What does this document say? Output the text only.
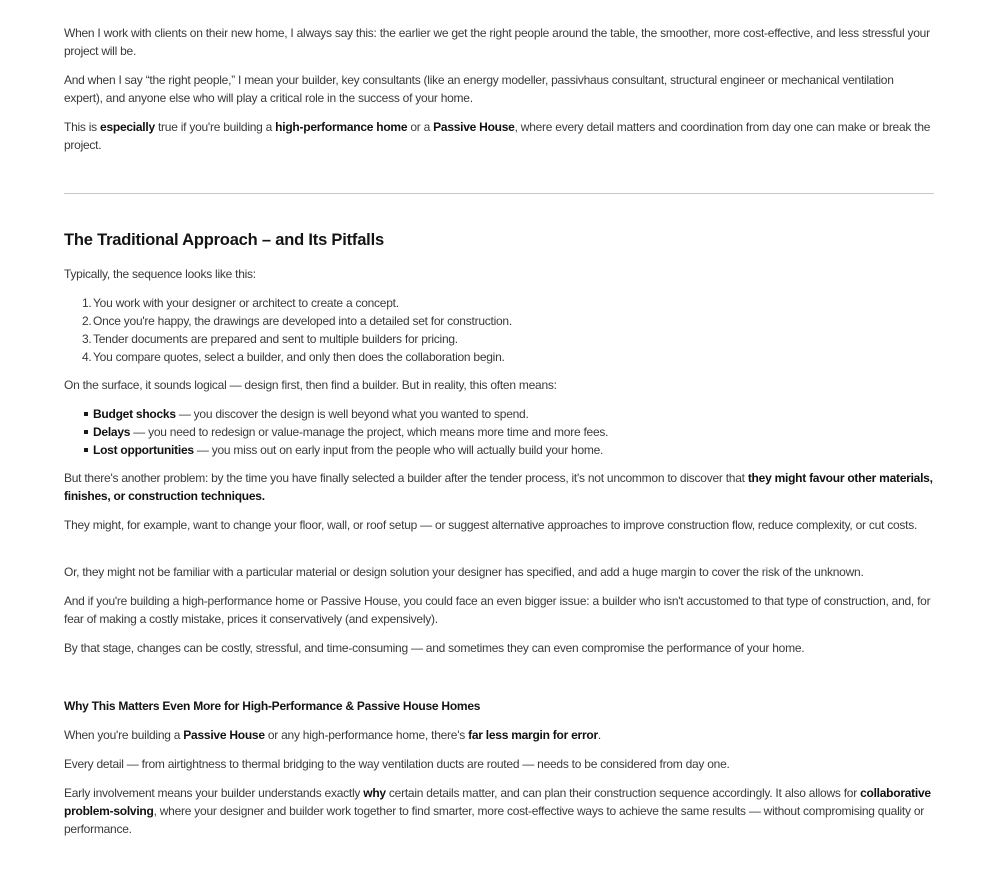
When I work with clients on their new home, I always say this: the earlier we get the right people around the table, the smoother, more cost-effective, and less stressful your project will be.

And when I say “the right people,” I mean your builder, key consultants (like an energy modeller, passivhaus consultant, structural engineer or mechanical ventilation expert), and anyone else who will play a critical role in the success of your home.

This is especially true if you're building a high-performance home or a Passive House, where every detail matters and coordination from day one can make or break the project.

The Traditional Approach – and Its Pitfalls

Typically, the sequence looks like this:

1. You work with your designer or architect to create a concept.
2. Once you're happy, the drawings are developed into a detailed set for construction.
3. Tender documents are prepared and sent to multiple builders for pricing.
4. You compare quotes, select a builder, and only then does the collaboration begin.

On the surface, it sounds logical — design first, then find a builder. But in reality, this often means:

Budget shocks — you discover the design is well beyond what you wanted to spend.
Delays — you need to redesign or value-manage the project, which means more time and more fees.
Lost opportunities — you miss out on early input from the people who will actually build your home.

But there's another problem: by the time you have finally selected a builder after the tender process, it's not uncommon to discover that they might favour other materials, finishes, or construction techniques.

They might, for example, want to change your floor, wall, or roof setup — or suggest alternative approaches to improve construction flow, reduce complexity, or cut costs.

Or, they might not be familiar with a particular material or design solution your designer has specified, and add a huge margin to cover the risk of the unknown.

And if you're building a high-performance home or Passive House, you could face an even bigger issue: a builder who isn't accustomed to that type of construction, and, for fear of making a costly mistake, prices it conservatively (and expensively).

By that stage, changes can be costly, stressful, and time-consuming — and sometimes they can even compromise the performance of your home.

Why This Matters Even More for High-Performance & Passive House Homes

When you're building a Passive House or any high-performance home, there's far less margin for error.

Every detail — from airtightness to thermal bridging to the way ventilation ducts are routed — needs to be considered from day one.

Early involvement means your builder understands exactly why certain details matter, and can plan their construction sequence accordingly. It also allows for collaborative problem-solving, where your designer and builder work together to find smarter, more cost-effective ways to achieve the same results — without compromising quality or performance.
